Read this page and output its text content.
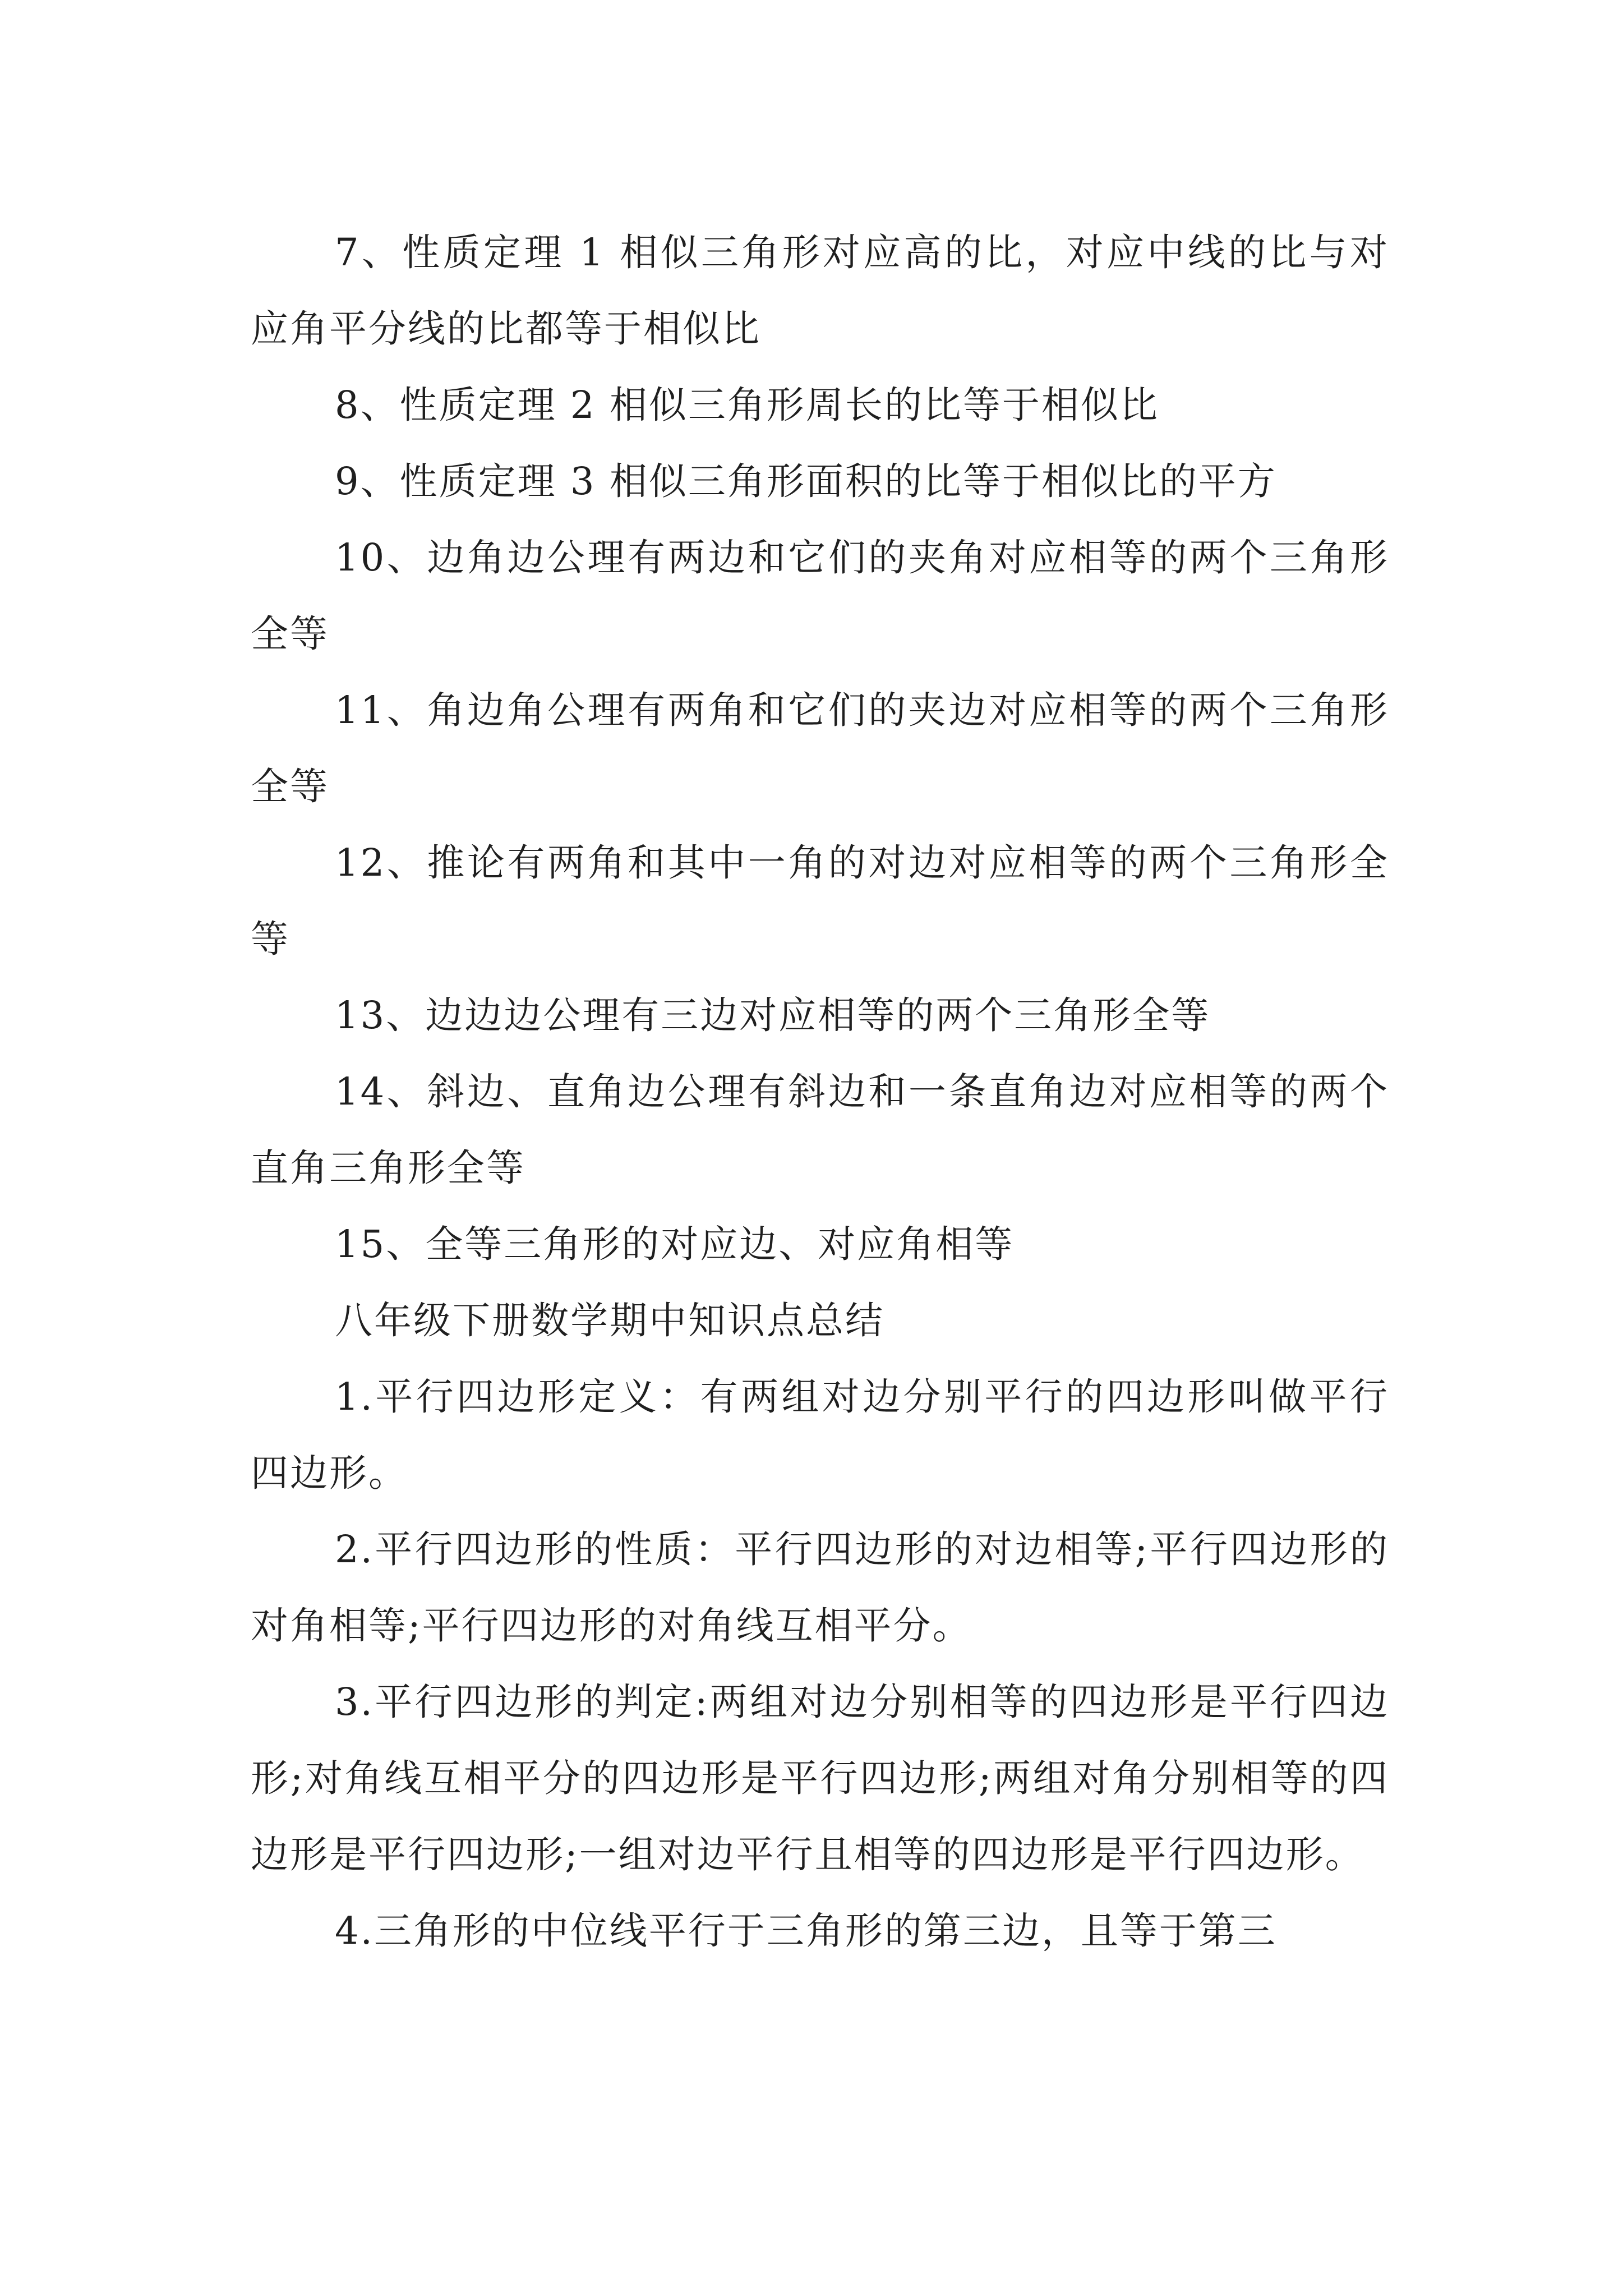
7、性质定理 1 相似三角形对应高的比，对应中线的比与对应角平分线的比都等于相似比

8、性质定理 2 相似三角形周长的比等于相似比

9、性质定理 3 相似三角形面积的比等于相似比的平方

10、边角边公理有两边和它们的夹角对应相等的两个三角形全等

11、角边角公理有两角和它们的夹边对应相等的两个三角形全等

12、推论有两角和其中一角的对边对应相等的两个三角形全等

13、边边边公理有三边对应相等的两个三角形全等

14、斜边、直角边公理有斜边和一条直角边对应相等的两个直角三角形全等

15、全等三角形的对应边、对应角相等

八年级下册数学期中知识点总结

1.平行四边形定义：有两组对边分别平行的四边形叫做平行四边形。

2.平行四边形的性质：平行四边形的对边相等;平行四边形的对角相等;平行四边形的对角线互相平分。

3.平行四边形的判定:两组对边分别相等的四边形是平行四边形;对角线互相平分的四边形是平行四边形;两组对角分别相等的四边形是平行四边形;一组对边平行且相等的四边形是平行四边形。

4.三角形的中位线平行于三角形的第三边，且等于第三
